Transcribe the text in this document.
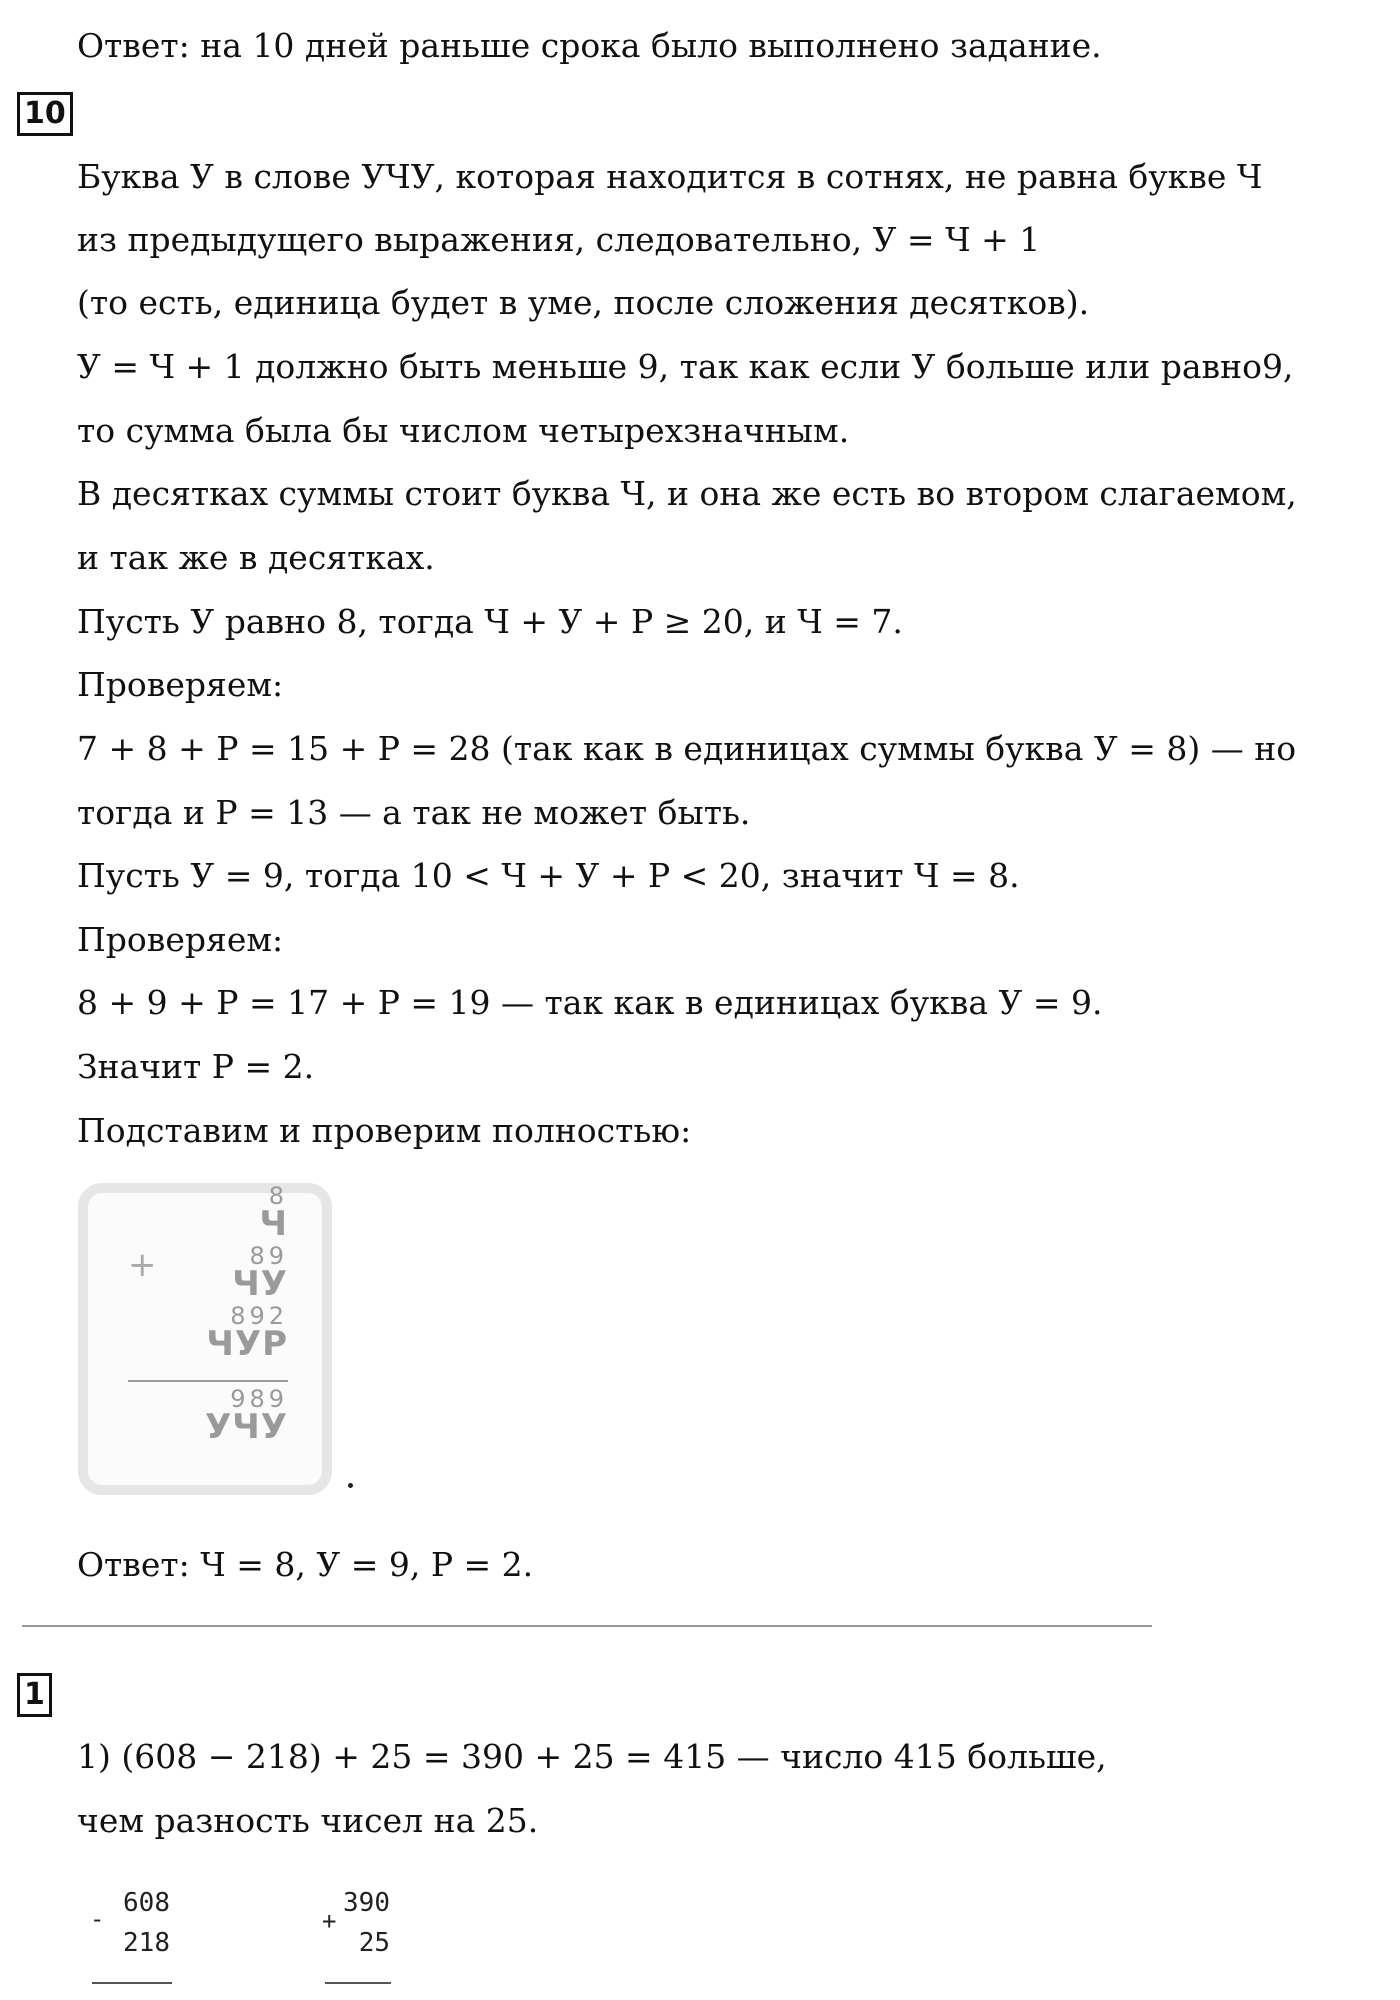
Ответ: на 10 дней раньше срока было выполнено задание.
10
Буква У в слове УЧУ, которая находится в сотнях, не равна букве Ч
из предыдущего выражения, следовательно, У = Ч + 1
(то есть, единица будет в уме, после сложения десятков).
У = Ч + 1 должно быть меньше 9, так как если У больше или равно9,
то сумма была бы числом четырехзначным.
В десятках суммы стоит буква Ч, и она же есть во втором слагаемом,
и так же в десятках.
Пусть У равно 8, тогда Ч + У + Р ≥ 20, и Ч = 7.
Проверяем:
7 + 8 + Р = 15 + Р = 28 (так как в единицах суммы буква У = 8) — но
тогда и Р = 13 — а так не может быть.
Пусть У = 9, тогда 10 < Ч + У + Р < 20, значит Ч = 8.
Проверяем:
8 + 9 + Р = 17 + Р = 19 — так как в единицах буква У = 9.
Значит Р = 2.
Подставим и проверим полностью:
8
Ч
+	89
ЧУ
892
ЧУР
989
УЧУ
Ответ: Ч = 8, У = 9, Р = 2.
1
1) (608 − 218) + 25 = 390 + 25 = 415 — число 415 больше,
чем разность чисел на 25.
-
608
218
+
390
25
